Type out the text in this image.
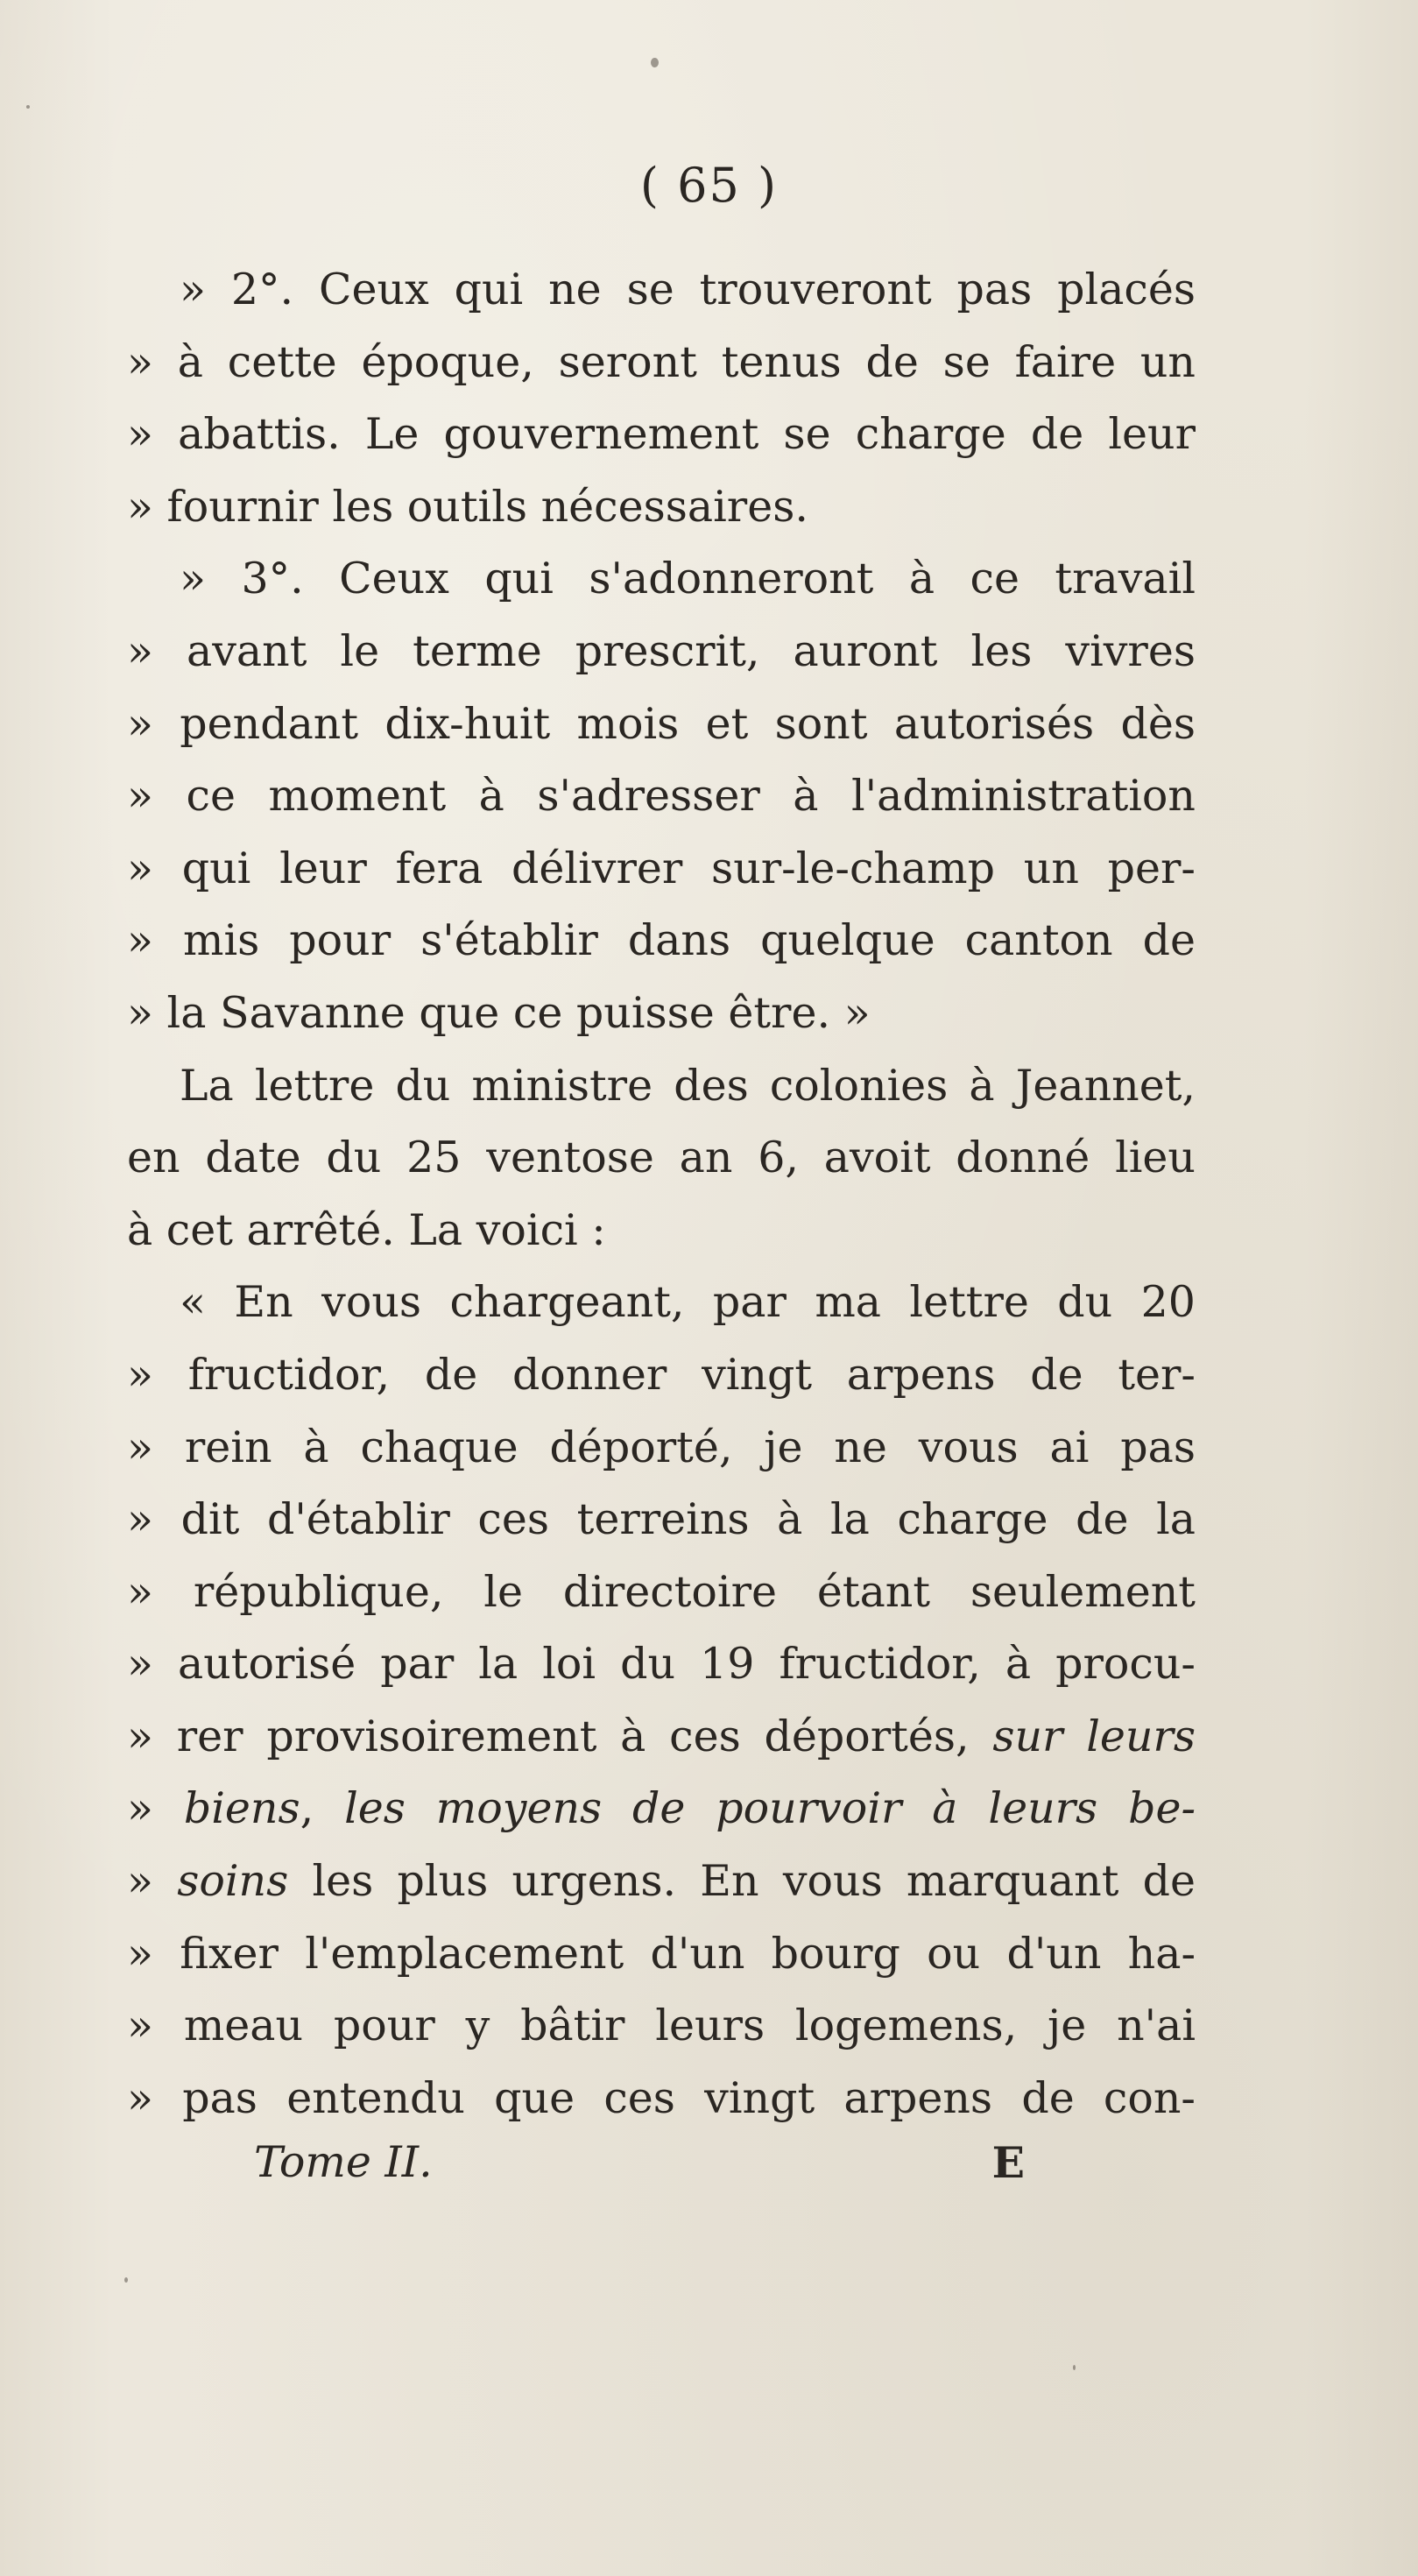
( 65 )
» 2°. Ceux qui ne se trouveront pas placés
» à cette époque, seront tenus de se faire un
» abattis. Le gouvernement se charge de leur
» fournir les outils nécessaires.
» 3°. Ceux qui s'adonneront à ce travail
» avant le terme prescrit, auront les vivres
» pendant dix-huit mois et sont autorisés dès
» ce moment à s'adresser à l'administration
» qui leur fera délivrer sur-le-champ un per-
» mis pour s'établir dans quelque canton de
» la Savanne que ce puisse être. »
La lettre du ministre des colonies à Jeannet,
en date du 25 ventose an 6, avoit donné lieu
à cet arrêté. La voici :
« En vous chargeant, par ma lettre du 20
» fructidor, de donner vingt arpens de ter-
» rein à chaque déporté, je ne vous ai pas
» dit d'établir ces terreins à la charge de la
» république, le directoire étant seulement
» autorisé par la loi du 19 fructidor, à procu-
» rer provisoirement à ces déportés, sur leurs
» biens, les moyens de pourvoir à leurs be-
» soins les plus urgens. En vous marquant de
» fixer l'emplacement d'un bourg ou d'un ha-
» meau pour y bâtir leurs logemens, je n'ai
» pas entendu que ces vingt arpens de con-
Tome II.	E
